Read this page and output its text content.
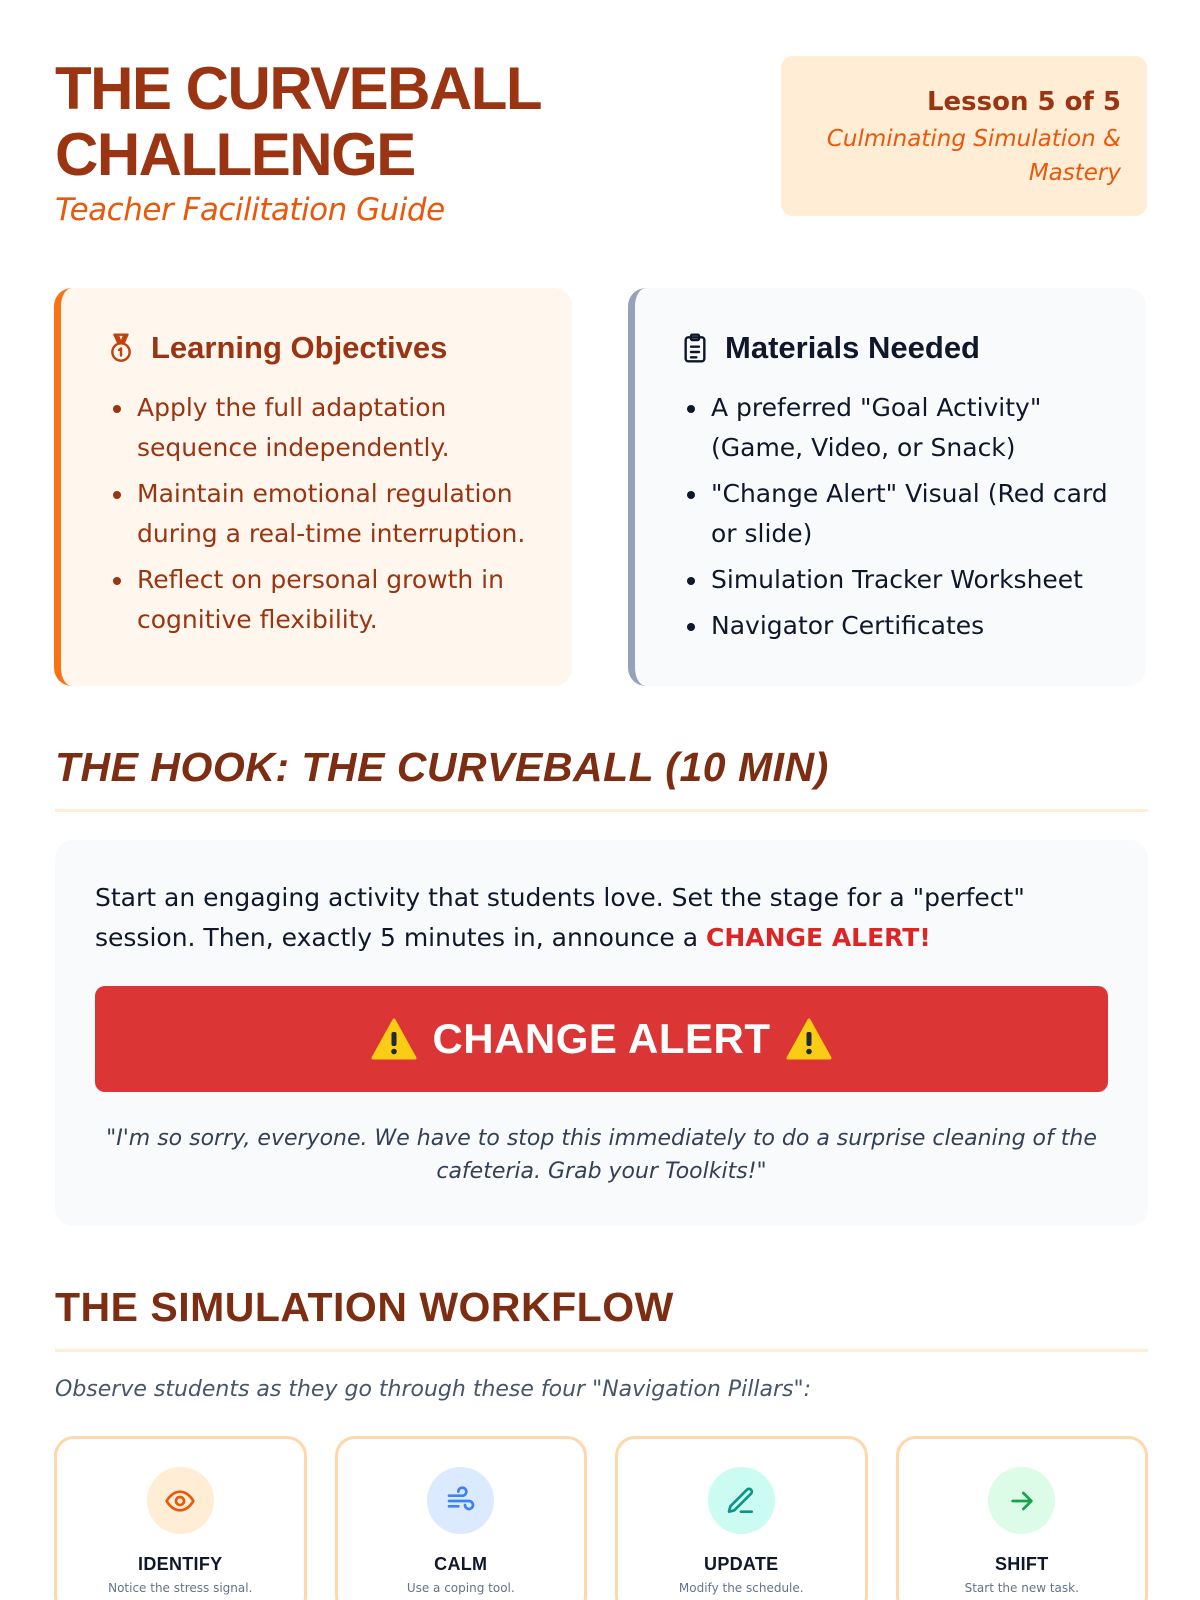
THE CURVEBALL
CHALLENGE
Teacher Facilitation Guide
Lesson 5 of 5
Culminating Simulation & Mastery
Learning Objectives
Apply the full adaptation sequence independently.
Maintain emotional regulation during a real-time interruption.
Reflect on personal growth in cognitive flexibility.
Materials Needed
A preferred "Goal Activity" (Game, Video, or Snack)
"Change Alert" Visual (Red card or slide)
Simulation Tracker Worksheet
Navigator Certificates
THE HOOK: THE CURVEBALL (10 MIN)

Start an engaging activity that students love. Set the stage for a "perfect" session. Then, exactly 5 minutes in, announce a CHANGE ALERT!

CHANGE ALERT

"I'm so sorry, everyone. We have to stop this immediately to do a surprise cleaning of the cafeteria. Grab your Toolkits!"

THE SIMULATION WORKFLOW
Observe students as they go through these four "Navigation Pillars":
IDENTIFY
Notice the stress signal.
CALM
Use a coping tool.
UPDATE
Modify the schedule.
SHIFT
Start the new task.
